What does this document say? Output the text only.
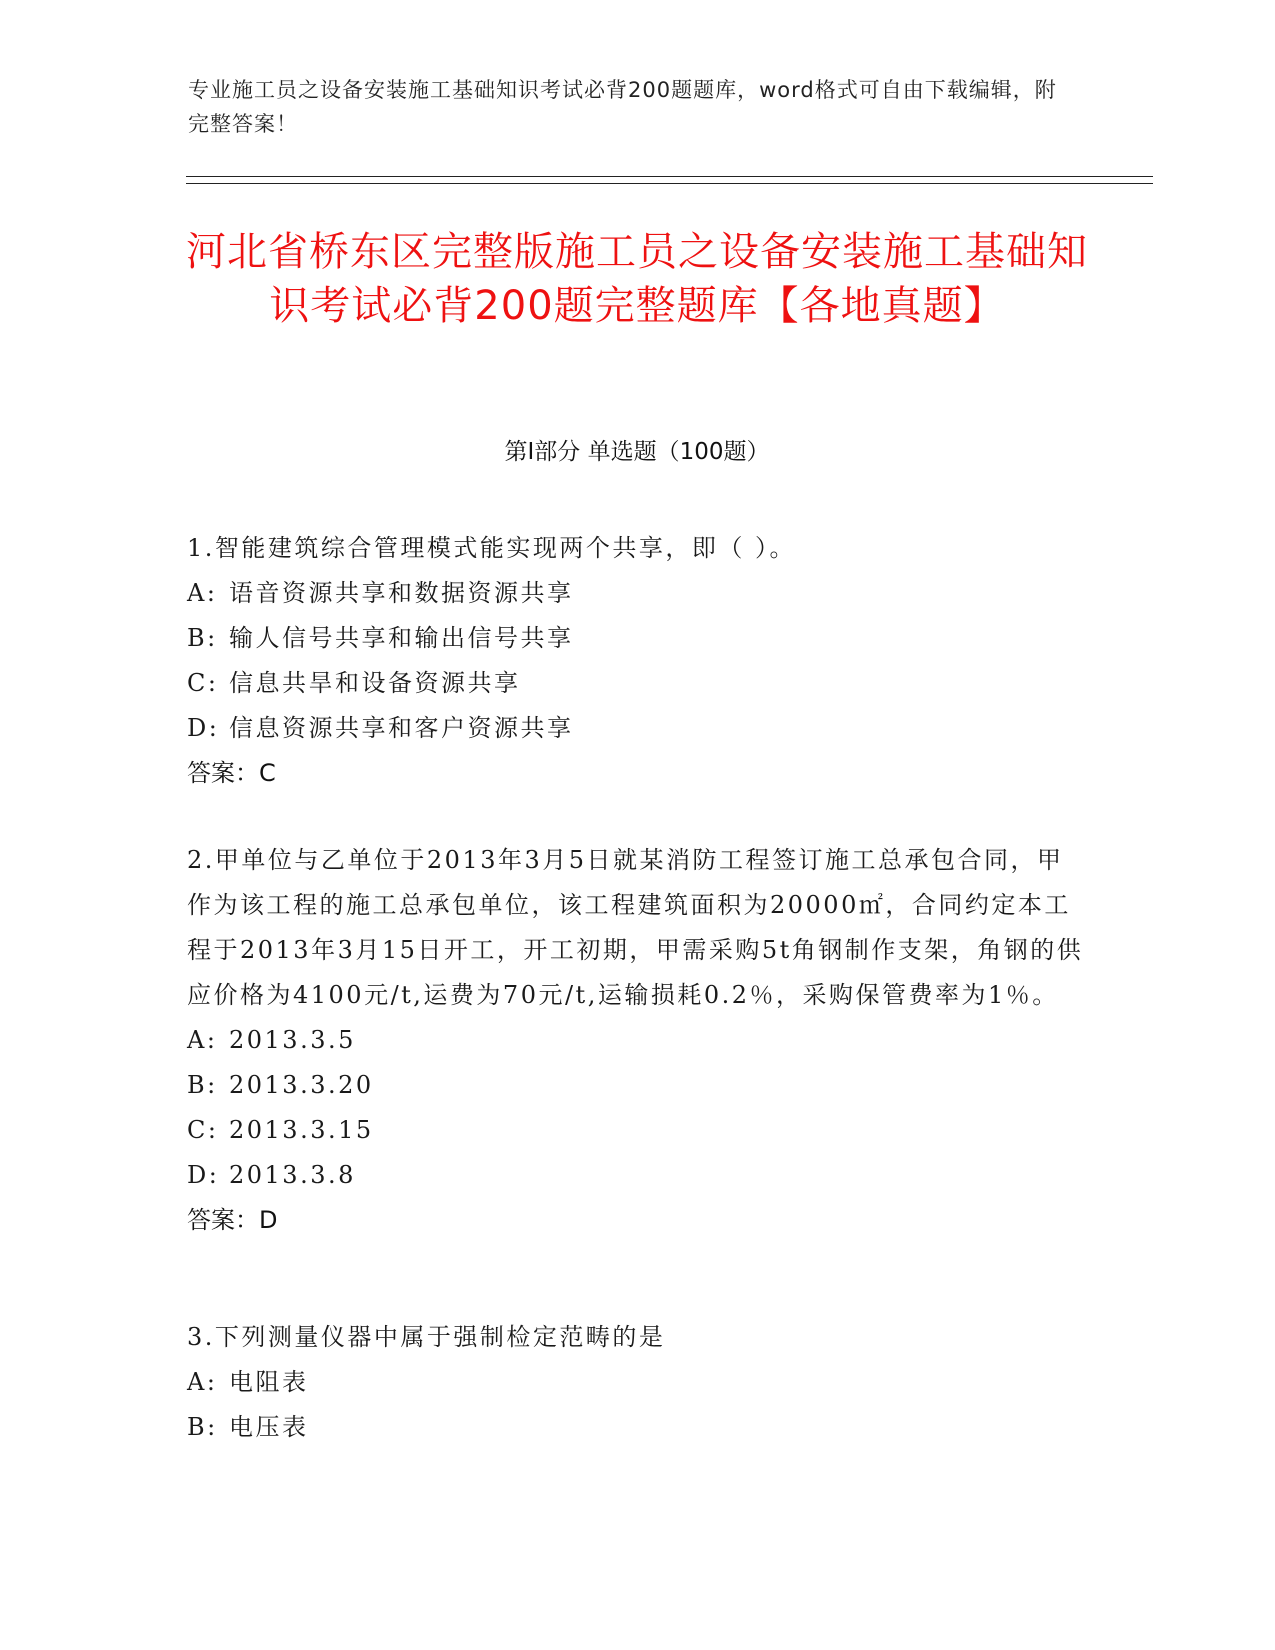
专业施工员之设备安装施工基础知识考试必背200题题库，word格式可自由下载编辑，附完整答案！
河北省桥东区完整版施工员之设备安装施工基础知识考试必背200题完整题库【各地真题】
第I部分 单选题（100题）

1.智能建筑综合管理模式能实现两个共享，即（ ）。

A: 语音资源共享和数据资源共享
B: 输人信号共享和输出信号共享
C: 信息共旱和设备资源共享
D: 信息资源共享和客户资源共享
答案：C

2.甲单位与乙单位于2013年3月5日就某消防工程签订施工总承包合同，甲作为该工程的施工总承包单位，该工程建筑面积为20000㎡，合同约定本工程于2013年3月15日开工，开工初期，甲需采购5t角钢制作支架，角钢的供应价格为4100元/t,运费为70元/t,运输损耗0.2％，采购保管费率为1％。

A: 2013.3.5
B: 2013.3.20
C: 2013.3.15
D: 2013.3.8
答案：D

3.下列测量仪器中属于强制检定范畴的是

A: 电阻表
B: 电压表
